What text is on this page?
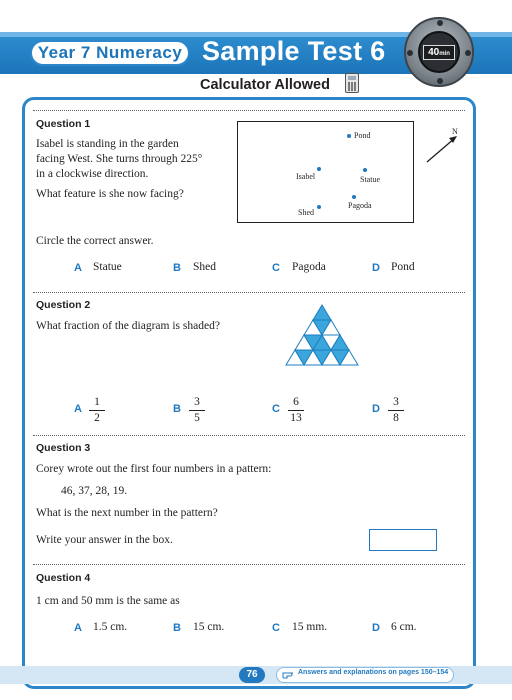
Year 7 Numeracy Sample Test 6	40min
Calculator Allowed
Question 1
Isabel is standing in the garden
facing West. She turns through 225°
in a clockwise direction.
What feature is she now facing?
Circle the correct answer.
Pond
Isabel	Statue
Pagoda
Shed
N
A Statue	B Shed	C Pagoda	D Pond
Question 2
What fraction of the diagram is shaded?
A $\frac{1}{2}$	B $\frac{3}{5}$	C $\frac{6}{13}$	D $\frac{3}{8}$
Question 3
Corey wrote out the first four numbers in a pattern:
46, 37, 28, 19.
What is the next number in the pattern?
Write your answer in the box.
Question 4
1 cm and 50 mm is the same as
A 1.5 cm.	B 15 cm.	C 15 mm.	D 6 cm.
76	Answers and explanations on pages 150–154
